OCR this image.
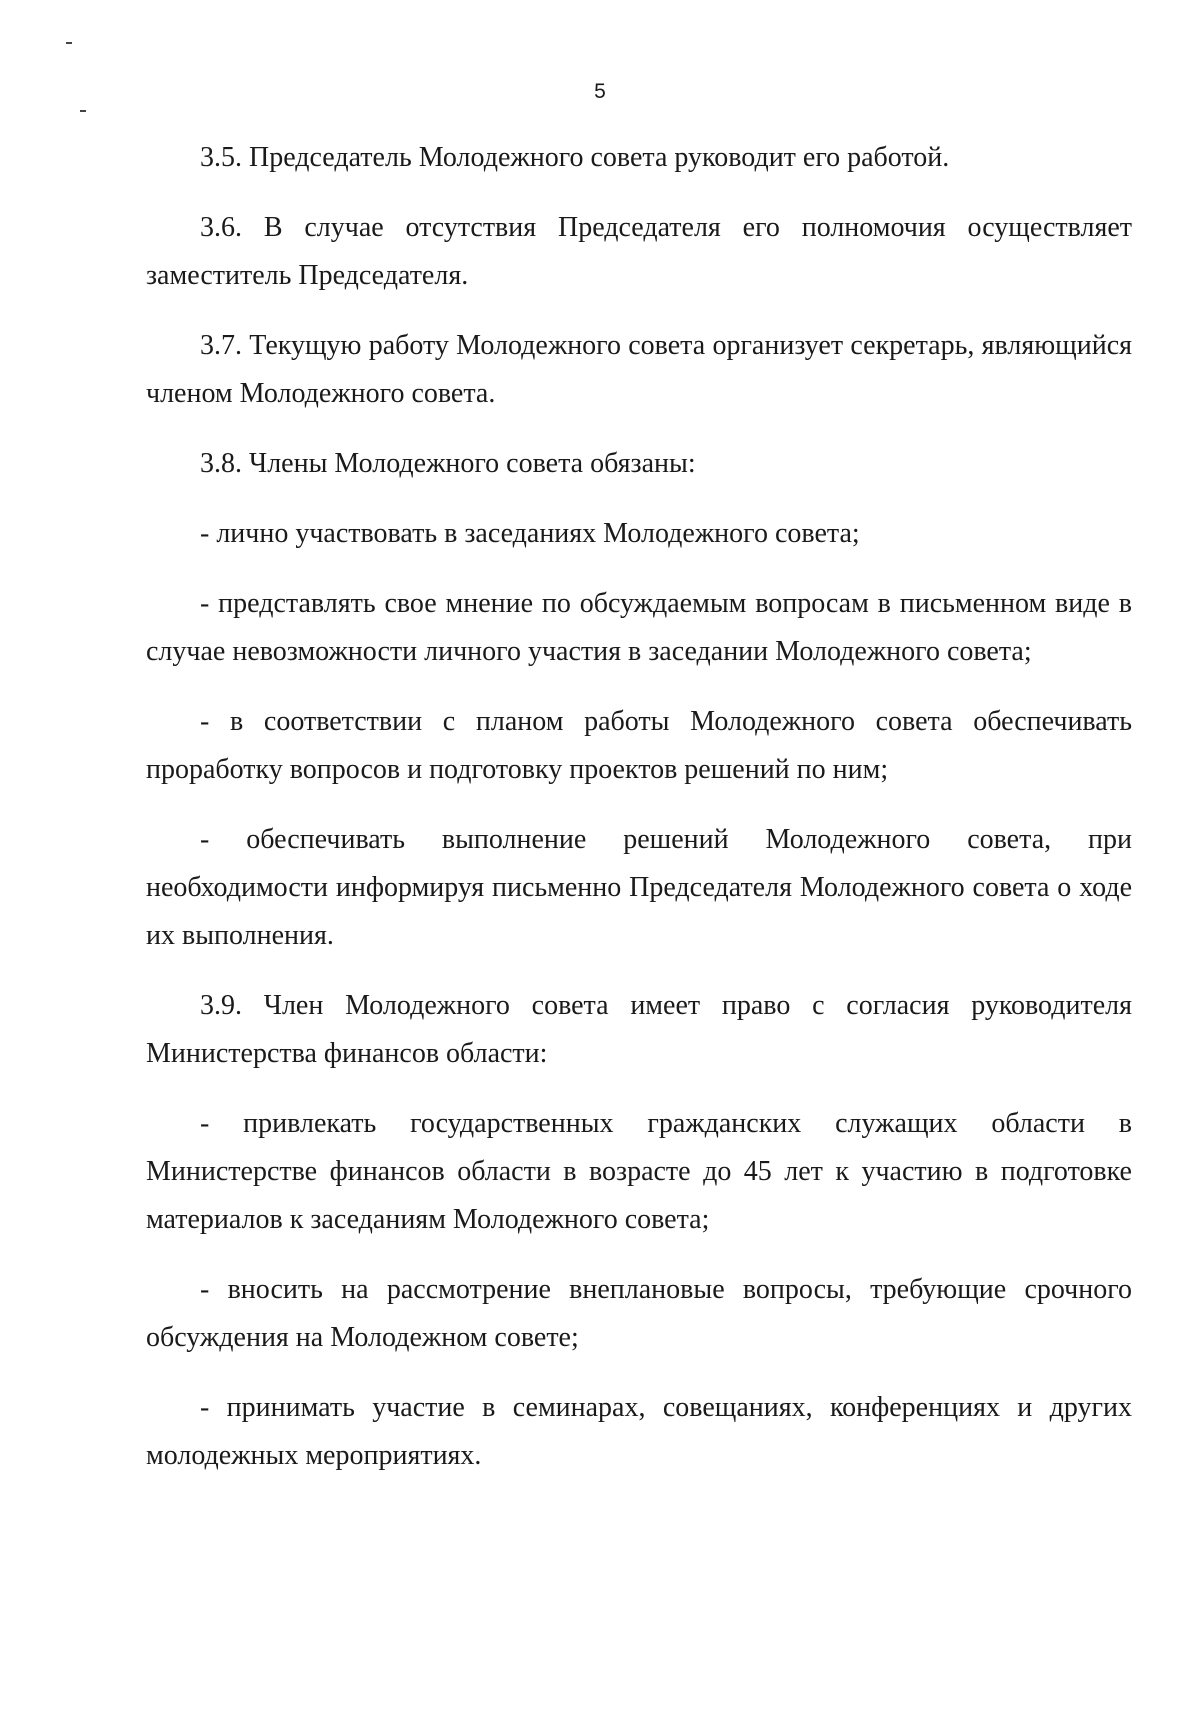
5

3.5. Председатель Молодежного совета руководит его работой.

3.6. В случае отсутствия Председателя его полномочия осуществляет заместитель Председателя.

3.7. Текущую работу Молодежного совета организует секретарь, являющийся членом Молодежного совета.

3.8. Члены Молодежного совета обязаны:

- лично участвовать в заседаниях Молодежного совета;

- представлять свое мнение по обсуждаемым вопросам в письменном виде в случае невозможности личного участия в заседании Молодежного совета;

- в соответствии с планом работы Молодежного совета обеспечивать проработку вопросов и подготовку проектов решений по ним;

- обеспечивать выполнение решений Молодежного совета, при необходимости информируя письменно Председателя Молодежного совета о ходе их выполнения.

3.9. Член Молодежного совета имеет право с согласия руководителя Министерства финансов области:

- привлекать государственных гражданских служащих области в Министерстве финансов области в возрасте до 45 лет к участию в подготовке материалов к заседаниям Молодежного совета;

- вносить на рассмотрение внеплановые вопросы, требующие срочного обсуждения на Молодежном совете;

- принимать участие в семинарах, совещаниях, конференциях и других молодежных мероприятиях.
